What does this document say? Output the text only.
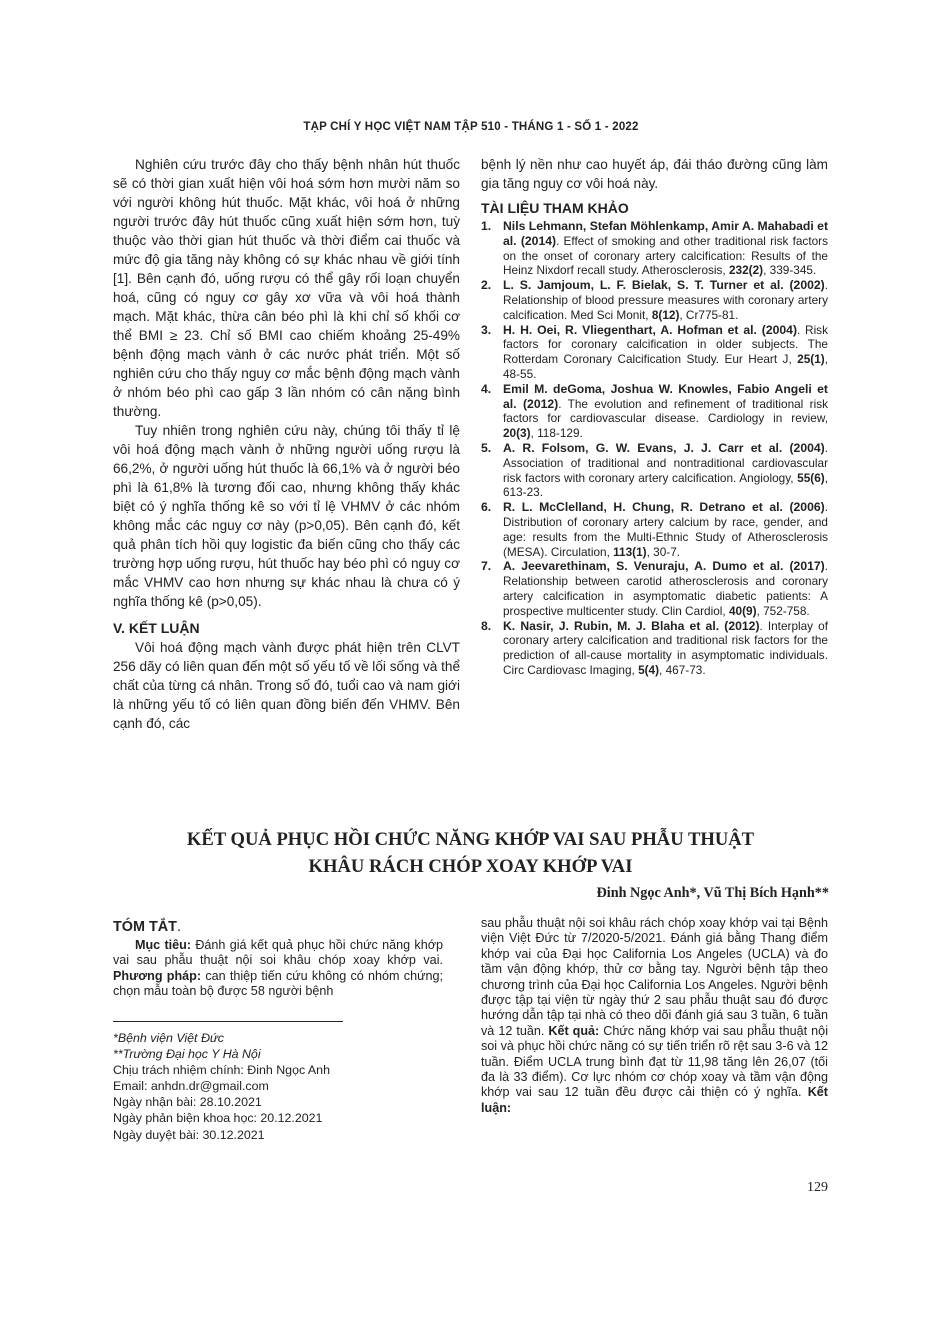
TẠP CHÍ Y HỌC VIỆT NAM TẬP 510 - THÁNG 1 - SỐ 1 - 2022

Nghiên cứu trước đây cho thấy bệnh nhân hút thuốc sẽ có thời gian xuất hiện vôi hoá sớm hơn mười năm so với người không hút thuốc. Mặt khác, vôi hoá ở những người trước đây hút thuốc cũng xuất hiện sớm hơn, tuỳ thuộc vào thời gian hút thuốc và thời điểm cai thuốc và mức độ gia tăng này không có sự khác nhau về giới tính [1]. Bên cạnh đó, uống rượu có thể gây rối loạn chuyển hoá, cũng có nguy cơ gây xơ vữa và vôi hoá thành mạch. Mặt khác, thừa cân béo phì là khi chỉ số khối cơ thể BMI ≥ 23. Chỉ số BMI cao chiếm khoảng 25-49% bệnh động mạch vành ở các nước phát triển. Một số nghiên cứu cho thấy nguy cơ mắc bệnh động mạch vành ở nhóm béo phì cao gấp 3 lần nhóm có cân nặng bình thường.

Tuy nhiên trong nghiên cứu này, chúng tôi thấy tỉ lệ vôi hoá động mạch vành ở những người uống rượu là 66,2%, ở người uống hút thuốc là 66,1% và ở người béo phì là 61,8% là tương đối cao, nhưng không thấy khác biệt có ý nghĩa thống kê so với tỉ lệ VHMV ở các nhóm không mắc các nguy cơ này (p>0,05). Bên cạnh đó, kết quả phân tích hồi quy logistic đa biến cũng cho thấy các trường hợp uống rượu, hút thuốc hay béo phì có nguy cơ mắc VHMV cao hơn nhưng sự khác nhau là chưa có ý nghĩa thống kê (p>0,05).

V. KẾT LUẬN

Vôi hoá động mạch vành được phát hiện trên CLVT 256 dãy có liên quan đến một số yếu tố về lối sống và thể chất của từng cá nhân. Trong số đó, tuổi cao và nam giới là những yếu tố có liên quan đồng biến đến VHMV. Bên cạnh đó, các

bệnh lý nền như cao huyết áp, đái tháo đường cũng làm gia tăng nguy cơ vôi hoá này.

TÀI LIỆU THAM KHẢO
1. Nils Lehmann, Stefan Möhlenkamp, Amir A. Mahabadi et al. (2014). Effect of smoking and other traditional risk factors on the onset of coronary artery calcification: Results of the Heinz Nixdorf recall study. Atherosclerosis, 232(2), 339-345.
2. L. S. Jamjoum, L. F. Bielak, S. T. Turner et al. (2002). Relationship of blood pressure measures with coronary artery calcification. Med Sci Monit, 8(12), Cr775-81.
3. H. H. Oei, R. Vliegenthart, A. Hofman et al. (2004). Risk factors for coronary calcification in older subjects. The Rotterdam Coronary Calcification Study. Eur Heart J, 25(1), 48-55.
4. Emil M. deGoma, Joshua W. Knowles, Fabio Angeli et al. (2012). The evolution and refinement of traditional risk factors for cardiovascular disease. Cardiology in review, 20(3), 118-129.
5. A. R. Folsom, G. W. Evans, J. J. Carr et al. (2004). Association of traditional and nontraditional cardiovascular risk factors with coronary artery calcification. Angiology, 55(6), 613-23.
6. R. L. McClelland, H. Chung, R. Detrano et al. (2006). Distribution of coronary artery calcium by race, gender, and age: results from the Multi-Ethnic Study of Atherosclerosis (MESA). Circulation, 113(1), 30-7.
7. A. Jeevarethinam, S. Venuraju, A. Dumo et al. (2017). Relationship between carotid atherosclerosis and coronary artery calcification in asymptomatic diabetic patients: A prospective multicenter study. Clin Cardiol, 40(9), 752-758.
8. K. Nasir, J. Rubin, M. J. Blaha et al. (2012). Interplay of coronary artery calcification and traditional risk factors for the prediction of all-cause mortality in asymptomatic individuals. Circ Cardiovasc Imaging, 5(4), 467-73.
KẾT QUẢ PHỤC HỒI CHỨC NĂNG KHỚP VAI SAU PHẪU THUẬT
KHÂU RÁCH CHÓP XOAY KHỚP VAI
Đinh Ngọc Anh*, Vũ Thị Bích Hạnh**
TÓM TẮT.

Mục tiêu: Đánh giá kết quả phục hồi chức năng khớp vai sau phẫu thuật nội soi khâu chóp xoay khớp vai. Phương pháp: can thiệp tiến cứu không có nhóm chứng; chọn mẫu toàn bộ được 58 người bệnh

sau phẫu thuật nội soi khâu rách chóp xoay khớp vai tại Bệnh viện Việt Đức từ 7/2020-5/2021. Đánh giá bằng Thang điểm khớp vai của Đại học California Los Angeles (UCLA) và đo tầm vận động khớp, thử cơ bằng tay. Người bệnh tập theo chương trình của Đại học California Los Angeles. Người bệnh được tập tại viện từ ngày thứ 2 sau phẫu thuật sau đó được hướng dẫn tập tại nhà có theo dõi đánh giá sau 3 tuần, 6 tuần và 12 tuần. Kết quả: Chức năng khớp vai sau phẫu thuật nội soi và phục hồi chức năng có sự tiến triển rõ rệt sau 3-6 và 12 tuần. Điểm UCLA trung bình đạt từ 11,98 tăng lên 26,07 (tối đa là 33 điểm). Cơ lực nhóm cơ chóp xoay và tầm vận động khớp vai sau 12 tuần đều được cải thiện có ý nghĩa. Kết luận:

*Bệnh viện Việt Đức
**Trường Đại học Y Hà Nội
Chịu trách nhiệm chính: Đinh Ngọc Anh
Email: anhdn.dr@gmail.com
Ngày nhận bài: 28.10.2021
Ngày phản biện khoa học: 20.12.2021
Ngày duyệt bài: 30.12.2021
129
